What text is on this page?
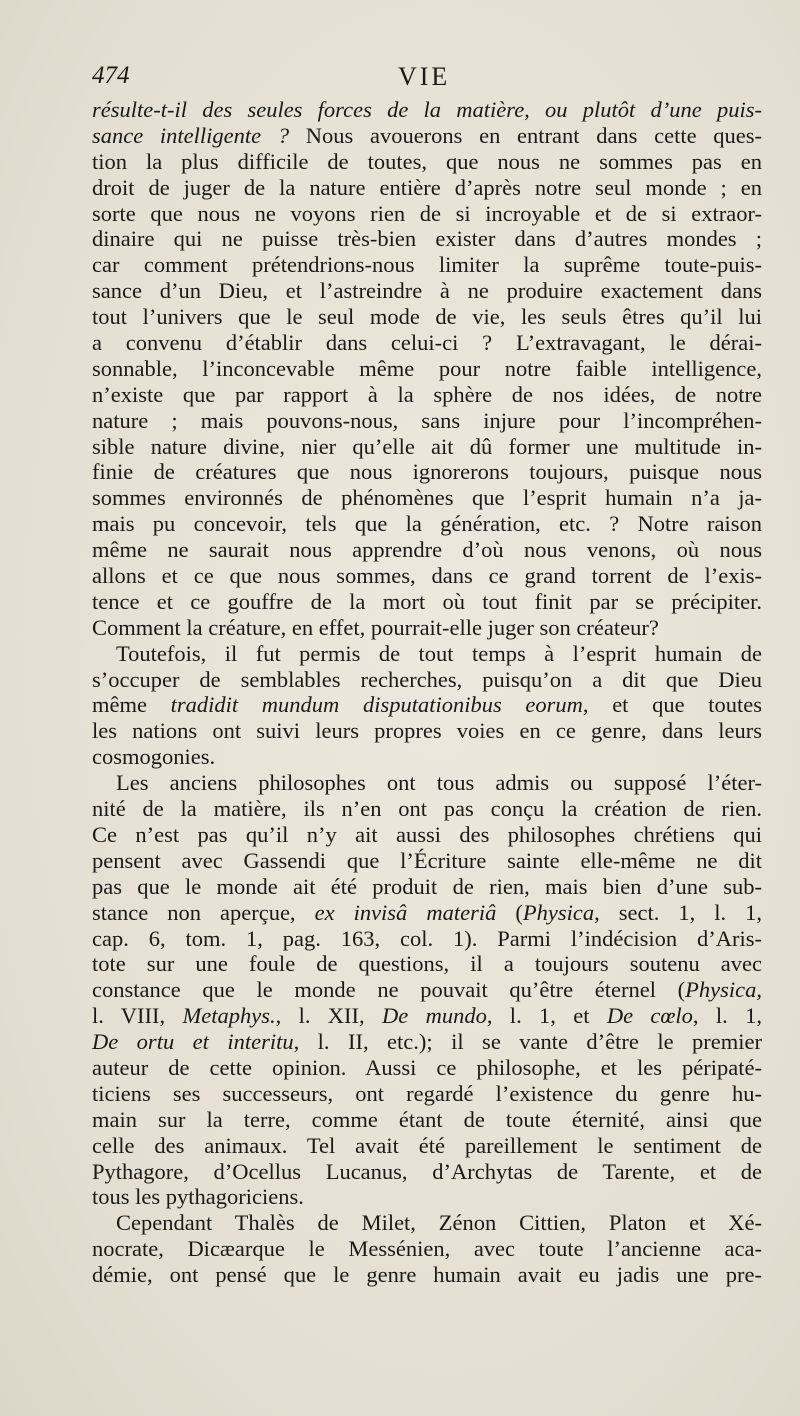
474	VIE
résulte-t-il des seules forces de la matière, ou plutôt d’une puis-
sance intelligente ? Nous avouerons en entrant dans cette ques-
tion la plus difficile de toutes, que nous ne sommes pas en
droit de juger de la nature entière d’après notre seul monde ; en
sorte que nous ne voyons rien de si incroyable et de si extraor-
dinaire qui ne puisse très-bien exister dans d’autres mondes ;
car comment prétendrions-nous limiter la suprême toute-puis-
sance d’un Dieu, et l’astreindre à ne produire exactement dans
tout l’univers que le seul mode de vie, les seuls êtres qu’il lui
a convenu d’établir dans celui-ci ? L’extravagant, le dérai-
sonnable, l’inconcevable même pour notre faible intelligence,
n’existe que par rapport à la sphère de nos idées, de notre
nature ; mais pouvons-nous, sans injure pour l’incompréhen-
sible nature divine, nier qu’elle ait dû former une multitude in-
finie de créatures que nous ignorerons toujours, puisque nous
sommes environnés de phénomènes que l’esprit humain n’a ja-
mais pu concevoir, tels que la génération, etc. ? Notre raison
même ne saurait nous apprendre d’où nous venons, où nous
allons et ce que nous sommes, dans ce grand torrent de l’exis-
tence et ce gouffre de la mort où tout finit par se précipiter.
Comment la créature, en effet, pourrait-elle juger son créateur?
Toutefois, il fut permis de tout temps à l’esprit humain de
s’occuper de semblables recherches, puisqu’on a dit que Dieu
même tradidit mundum disputationibus eorum, et que toutes
les nations ont suivi leurs propres voies en ce genre, dans leurs
cosmogonies.
Les anciens philosophes ont tous admis ou supposé l’éter-
nité de la matière, ils n’en ont pas conçu la création de rien.
Ce n’est pas qu’il n’y ait aussi des philosophes chrétiens qui
pensent avec Gassendi que l’Écriture sainte elle-même ne dit
pas que le monde ait été produit de rien, mais bien d’une sub-
stance non aperçue, ex invisâ materiâ (Physica, sect. 1, l. 1,
cap. 6, tom. 1, pag. 163, col. 1). Parmi l’indécision d’Aris-
tote sur une foule de questions, il a toujours soutenu avec
constance que le monde ne pouvait qu’être éternel (Physica,
l. VIII, Metaphys., l. XII, De mundo, l. 1, et De cœlo, l. 1,
De ortu et interitu, l. II, etc.); il se vante d’être le premier
auteur de cette opinion. Aussi ce philosophe, et les péripaté-
ticiens ses successeurs, ont regardé l’existence du genre hu-
main sur la terre, comme étant de toute éternité, ainsi que
celle des animaux. Tel avait été pareillement le sentiment de
Pythagore, d’Ocellus Lucanus, d’Archytas de Tarente, et de
tous les pythagoriciens.
Cependant Thalès de Milet, Zénon Cittien, Platon et Xé-
nocrate, Dicæarque le Messénien, avec toute l’ancienne aca-
démie, ont pensé que le genre humain avait eu jadis une pre-
